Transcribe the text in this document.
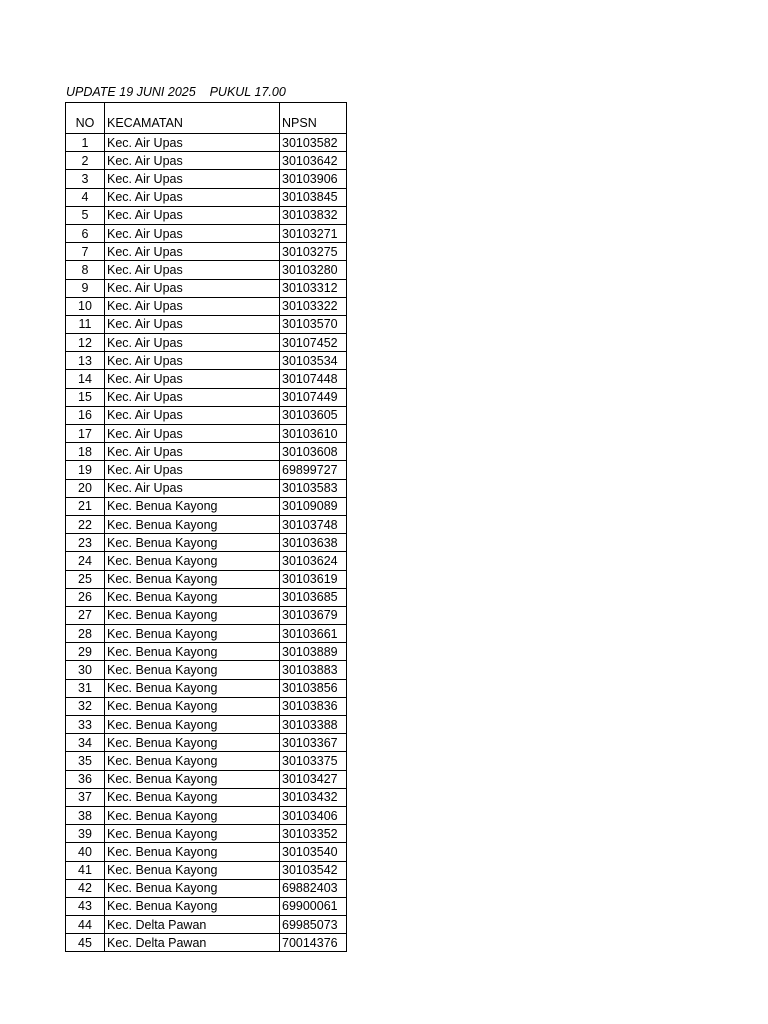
UPDATE 19 JUNI 2025    PUKUL 17.00
NO	KECAMATAN	NPSN
1	Kec. Air Upas	30103582
2	Kec. Air Upas	30103642
3	Kec. Air Upas	30103906
4	Kec. Air Upas	30103845
5	Kec. Air Upas	30103832
6	Kec. Air Upas	30103271
7	Kec. Air Upas	30103275
8	Kec. Air Upas	30103280
9	Kec. Air Upas	30103312
10	Kec. Air Upas	30103322
11	Kec. Air Upas	30103570
12	Kec. Air Upas	30107452
13	Kec. Air Upas	30103534
14	Kec. Air Upas	30107448
15	Kec. Air Upas	30107449
16	Kec. Air Upas	30103605
17	Kec. Air Upas	30103610
18	Kec. Air Upas	30103608
19	Kec. Air Upas	69899727
20	Kec. Air Upas	30103583
21	Kec. Benua Kayong	30109089
22	Kec. Benua Kayong	30103748
23	Kec. Benua Kayong	30103638
24	Kec. Benua Kayong	30103624
25	Kec. Benua Kayong	30103619
26	Kec. Benua Kayong	30103685
27	Kec. Benua Kayong	30103679
28	Kec. Benua Kayong	30103661
29	Kec. Benua Kayong	30103889
30	Kec. Benua Kayong	30103883
31	Kec. Benua Kayong	30103856
32	Kec. Benua Kayong	30103836
33	Kec. Benua Kayong	30103388
34	Kec. Benua Kayong	30103367
35	Kec. Benua Kayong	30103375
36	Kec. Benua Kayong	30103427
37	Kec. Benua Kayong	30103432
38	Kec. Benua Kayong	30103406
39	Kec. Benua Kayong	30103352
40	Kec. Benua Kayong	30103540
41	Kec. Benua Kayong	30103542
42	Kec. Benua Kayong	69882403
43	Kec. Benua Kayong	69900061
44	Kec. Delta Pawan	69985073
45	Kec. Delta Pawan	70014376
